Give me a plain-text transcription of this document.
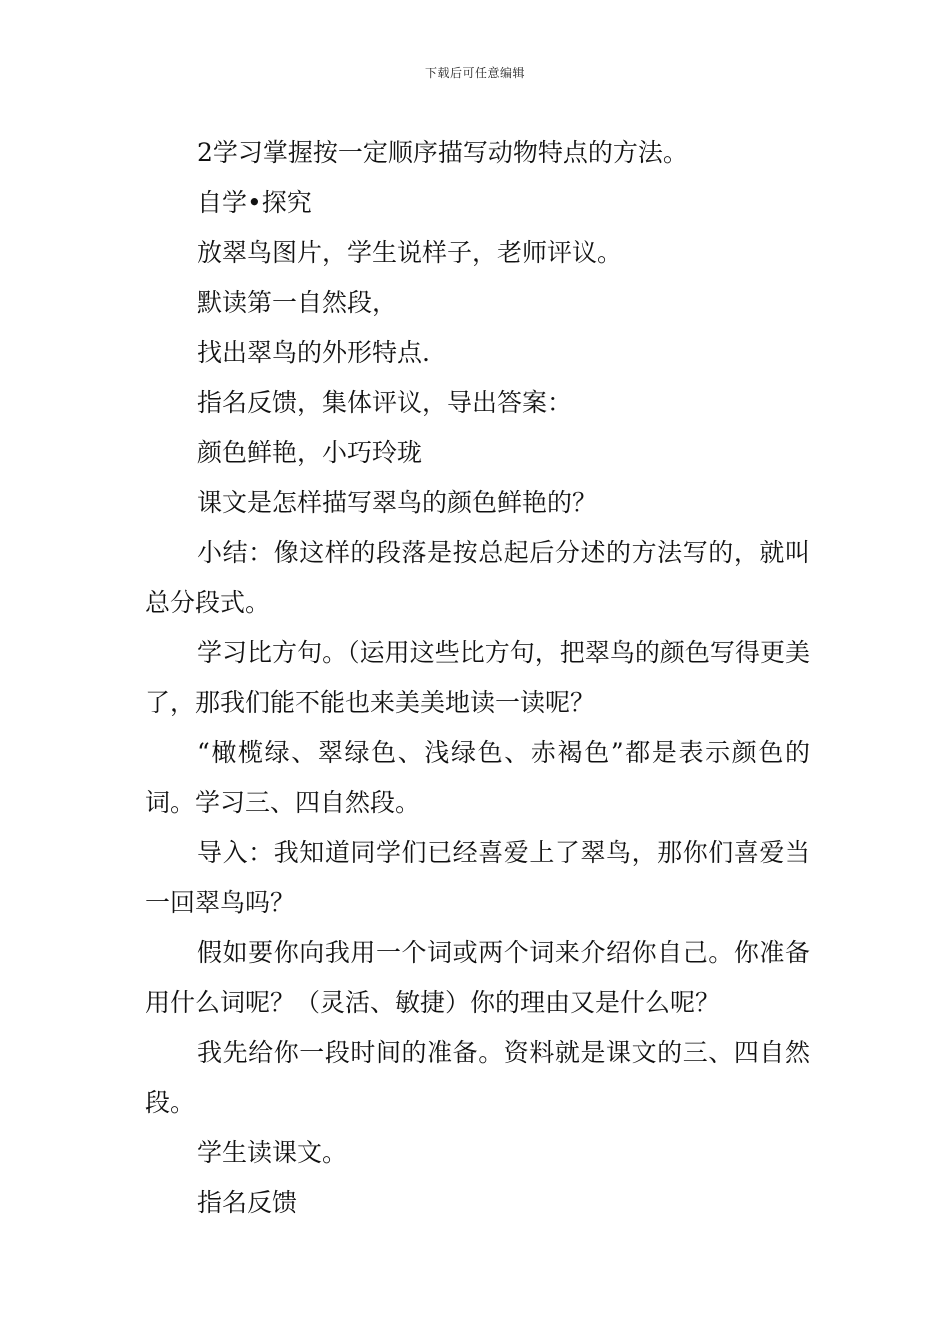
下载后可任意编辑

2学习掌握按一定顺序描写动物特点的方法。

自学•探究

放翠鸟图片，学生说样子，老师评议。

默读第一自然段，

找出翠鸟的外形特点.

指名反馈，集体评议，导出答案：

颜色鲜艳，小巧玲珑

课文是怎样描写翠鸟的颜色鲜艳的？

小结：像这样的段落是按总起后分述的方法写的，就叫总分段式。

学习比方句。（运用这些比方句，把翠鸟的颜色写得更美了，那我们能不能也来美美地读一读呢？

“橄榄绿、翠绿色、浅绿色、赤褐色”都是表示颜色的词。学习三、四自然段。

导入：我知道同学们已经喜爱上了翠鸟，那你们喜爱当一回翠鸟吗？

假如要你向我用一个词或两个词来介绍你自己。你准备用什么词呢？（灵活、敏捷）你的理由又是什么呢？

我先给你一段时间的准备。资料就是课文的三、四自然段。

学生读课文。

指名反馈
